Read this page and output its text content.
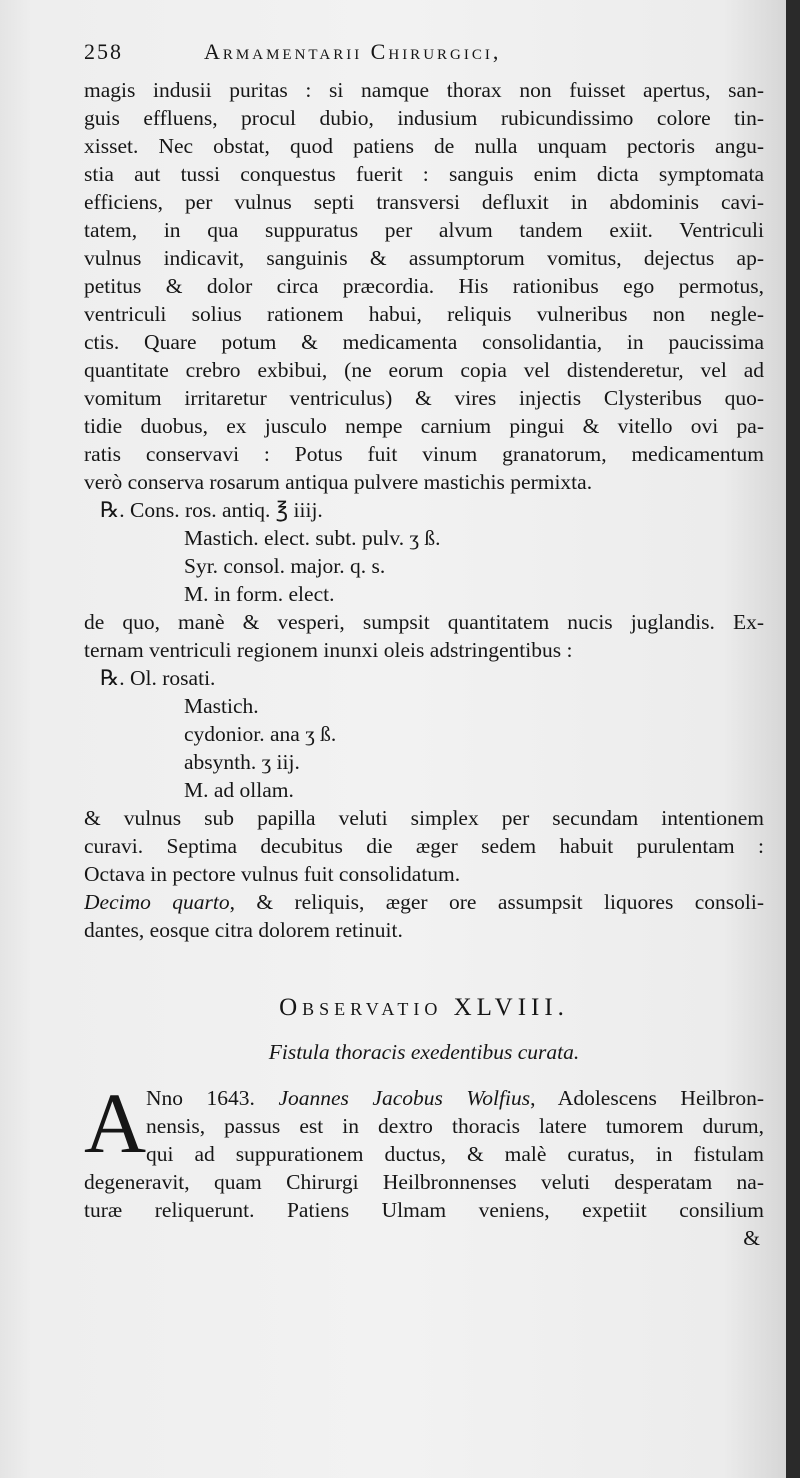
258	Armamentarii Chirurgici,
magis indusii puritas : si namque thorax non fuisset apertus, san-
guis effluens, procul dubio, indusium rubicundissimo colore tin-
xisset. Nec obstat, quod patiens de nulla unquam pectoris angu-
stia aut tussi conquestus fuerit : sanguis enim dicta symptomata
efficiens, per vulnus septi transversi defluxit in abdominis cavi-
tatem, in qua suppuratus per alvum tandem exiit. Ventriculi
vulnus indicavit, sanguinis & assumptorum vomitus, dejectus ap-
petitus & dolor circa præcordia. His rationibus ego permotus,
ventriculi solius rationem habui, reliquis vulneribus non negle-
ctis. Quare potum & medicamenta consolidantia, in paucissima
quantitate crebro exbibui, (ne eorum copia vel distenderetur, vel ad
vomitum irritaretur ventriculus) & vires injectis Clysteribus quo-
tidie duobus, ex jusculo nempe carnium pingui & vitello ovi pa-
ratis conservavi : Potus fuit vinum granatorum, medicamentum
verò conserva rosarum antiqua pulvere mastichis permixta.
℞. Cons. ros. antiq. ℥ iiij.
Mastich. elect. subt. pulv. ʒ ß.
Syr. consol. major. q. s.
M. in form. elect.
de quo, manè & vesperi, sumpsit quantitatem nucis juglandis. Ex-
ternam ventriculi regionem inunxi oleis adstringentibus :
℞. Ol. rosati.
Mastich.
cydonior. ana ʒ ß.
absynth. ʒ iij.
M. ad ollam.
& vulnus sub papilla veluti simplex per secundam intentionem
curavi. Septima decubitus die æger sedem habuit purulentam :
Octava in pectore vulnus fuit consolidatum.
Decimo quarto, & reliquis, æger ore assumpsit liquores consoli-
dantes, eosque citra dolorem retinuit.
Observatio XLVIII.
Fistula thoracis exedentibus curata.
A Nno 1643. Joannes Jacobus Wolfius, Adolescens Heilbron-
nensis, passus est in dextro thoracis latere tumorem durum,
qui ad suppurationem ductus, & malè curatus, in fistulam
degeneravit, quam Chirurgi Heilbronnenses veluti desperatam na-
turæ reliquerunt. Patiens Ulmam veniens, expetiit consilium
&
